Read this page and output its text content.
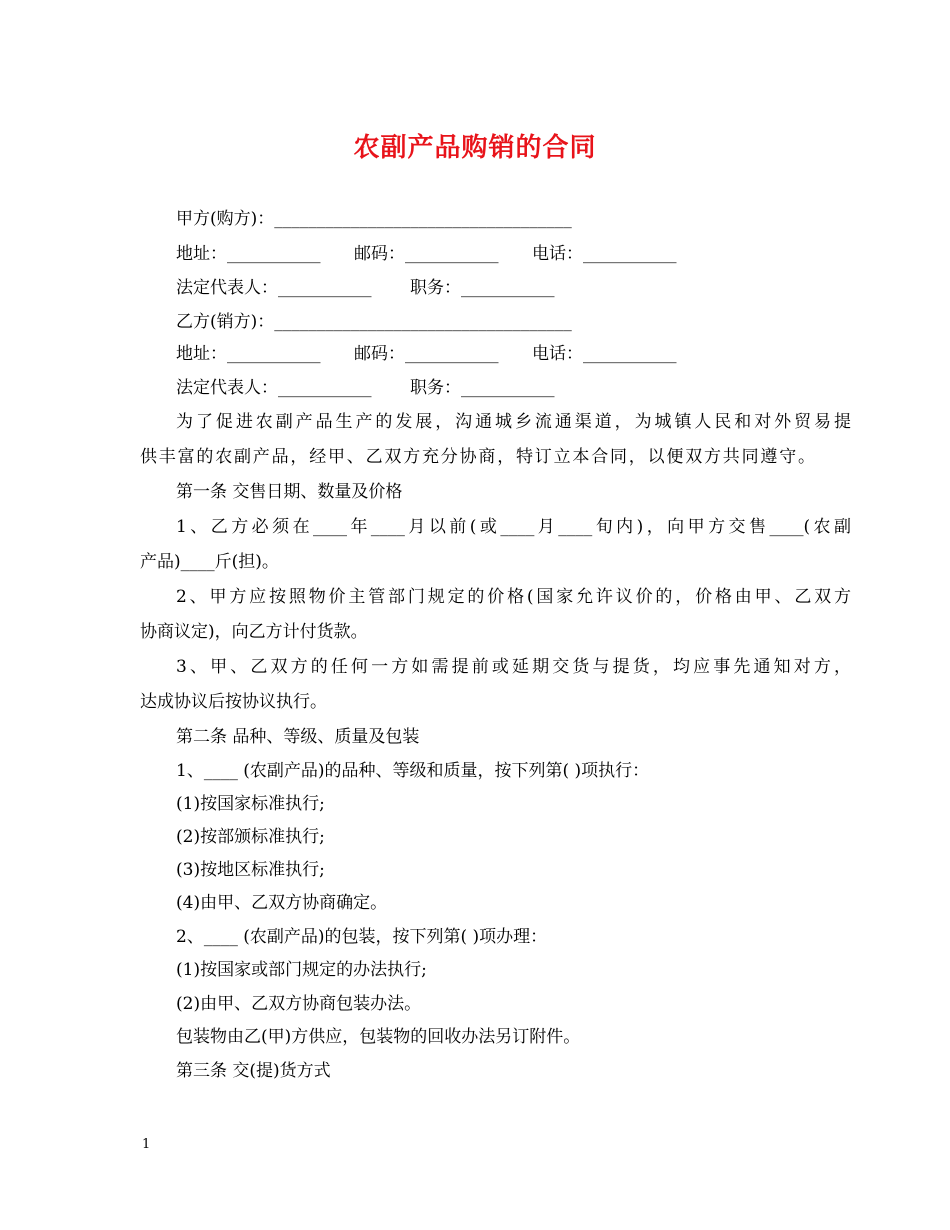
农副产品购销的合同
甲方(购方)：___________________________________
地址：___________ 邮码：___________ 电话：___________
法定代表人：___________ 职务：___________
乙方(销方)：___________________________________
地址：___________ 邮码：___________ 电话：___________
法定代表人：___________ 职务：___________
为了促进农副产品生产的发展，沟通城乡流通渠道，为城镇人民和对外贸易提
供丰富的农副产品，经甲、乙双方充分协商，特订立本合同，以便双方共同遵守。
第一条 交售日期、数量及价格
1、乙方必须在____年____月以前(或____月____旬内)，向甲方交售____(农副
产品)____斤(担)。
2、甲方应按照物价主管部门规定的价格(国家允许议价的，价格由甲、乙双方
协商议定)，向乙方计付货款。
3、甲、乙双方的任何一方如需提前或延期交货与提货，均应事先通知对方，
达成协议后按协议执行。
第二条 品种、等级、质量及包装
1、____ (农副产品)的品种、等级和质量，按下列第( )项执行：
(1)按国家标准执行;
(2)按部颁标准执行;
(3)按地区标准执行;
(4)由甲、乙双方协商确定。
2、____ (农副产品)的包装，按下列第( )项办理：
(1)按国家或部门规定的办法执行;
(2)由甲、乙双方协商包装办法。
包装物由乙(甲)方供应，包装物的回收办法另订附件。
第三条 交(提)货方式
1
